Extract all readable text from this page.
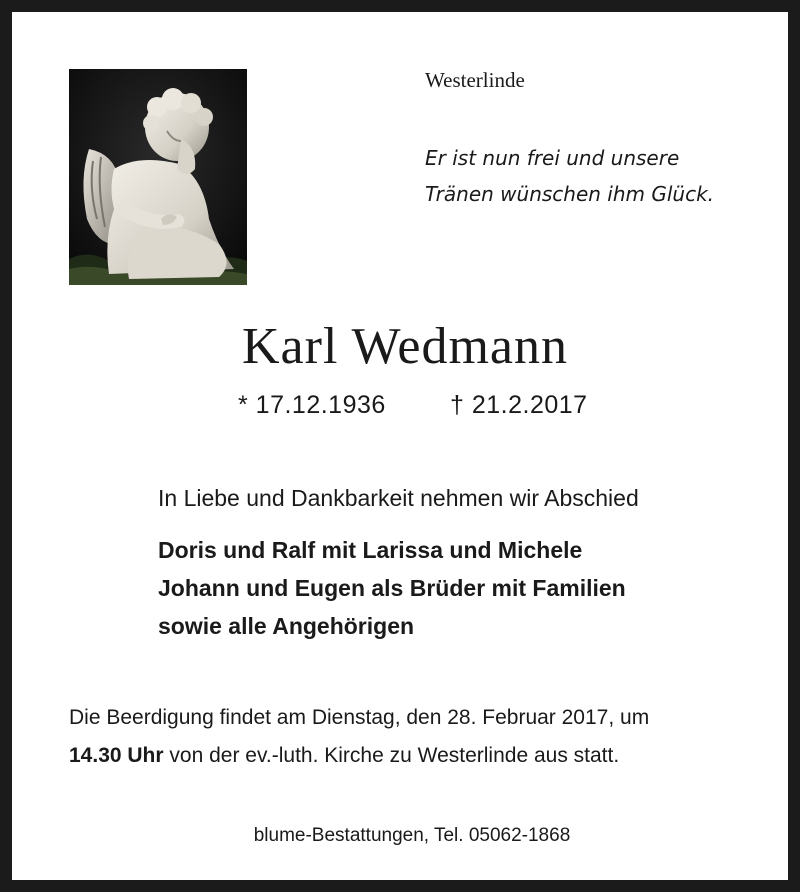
Westerlinde
Er ist nun frei und unsere
Tränen wünschen ihm Glück.
Karl Wedmann
* 17.12.1936	† 21.2.2017
In Liebe und Dankbarkeit nehmen wir Abschied
Doris und Ralf mit Larissa und Michele
Johann und Eugen als Brüder mit Familien
sowie alle Angehörigen
Die Beerdigung findet am Dienstag, den 28. Februar 2017, um
14.30 Uhr von der ev.-luth. Kirche zu Westerlinde aus statt.
blume-Bestattungen, Tel. 05062-1868
